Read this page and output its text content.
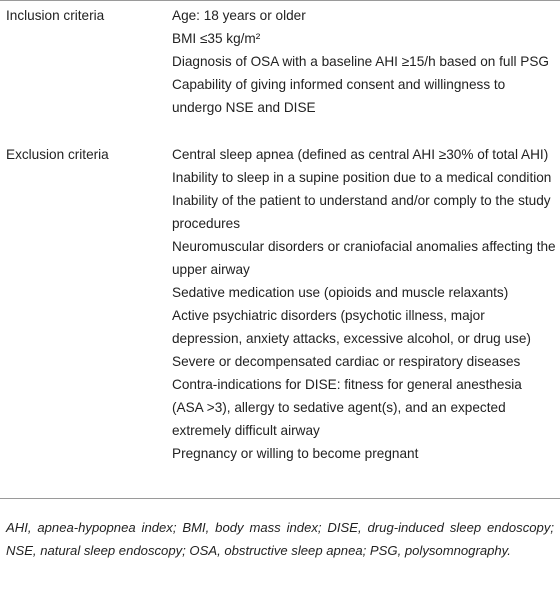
Inclusion criteria	Age: 18 years or older
BMI ≤35 kg/m²
Diagnosis of OSA with a baseline AHI ≥15/h based on full PSG
Capability of giving informed consent and willingness to undergo NSE and DISE
Exclusion criteria	Central sleep apnea (defined as central AHI ≥30% of total AHI)
Inability to sleep in a supine position due to a medical condition
Inability of the patient to understand and/or comply to the study procedures
Neuromuscular disorders or craniofacial anomalies affecting the upper airway
Sedative medication use (opioids and muscle relaxants)
Active psychiatric disorders (psychotic illness, major depression, anxiety attacks, excessive alcohol, or drug use)
Severe or decompensated cardiac or respiratory diseases
Contra-indications for DISE: fitness for general anesthesia (ASA >3), allergy to sedative agent(s), and an expected extremely difficult airway
Pregnancy or willing to become pregnant
AHI, apnea-hypopnea index; BMI, body mass index; DISE, drug-induced sleep endoscopy; NSE, natural sleep endoscopy; OSA, obstructive sleep apnea; PSG, polysomnography.
